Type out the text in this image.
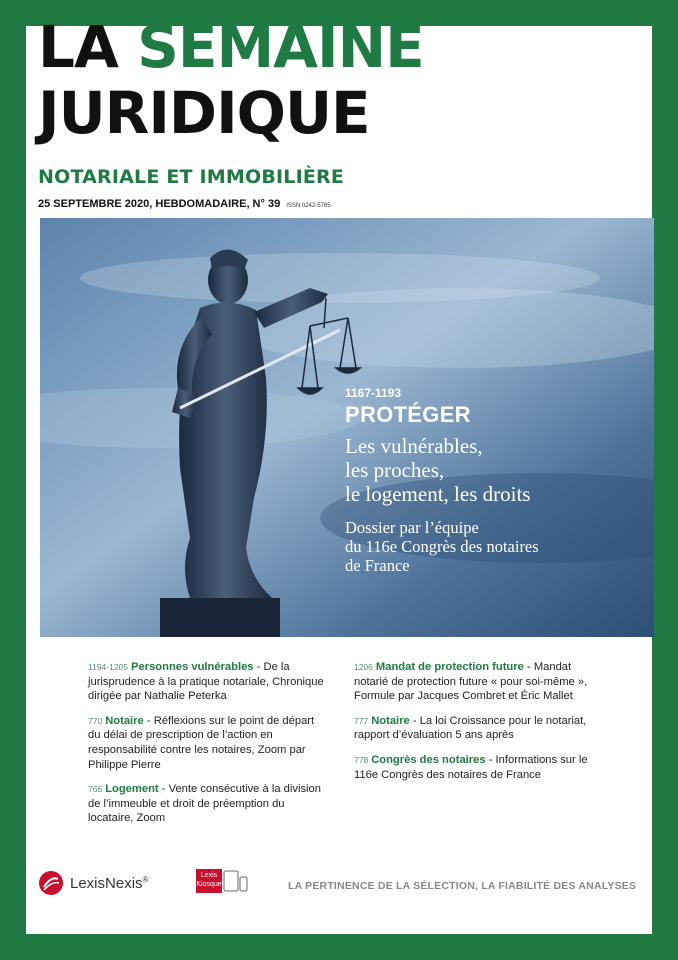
LA SEMAINE
JURIDIQUE
NOTARIALE ET IMMOBILIÈRE
25 SEPTEMBRE 2020, HEBDOMADAIRE, N° 39 ISSN 0242-5785
1167-1193
PROTÉGER
Les vulnérables,
les proches,
le logement, les droits
Dossier par l’équipe
du 116e Congrès des notaires
de France
1194-1205 Personnes vulnérables - De la jurisprudence à la pratique notariale, Chronique dirigée par Nathalie Peterka
770 Notaire - Réflexions sur le point de départ du délai de prescription de l’action en responsabilité contre les notaires, Zoom par Philippe Pierre
766 Logement - Vente consécutive à la division de l’immeuble et droit de préemption du locataire, Zoom
1206 Mandat de protection future - Mandat notarié de protection future « pour soi-même », Formule par Jacques Combret et Éric Mallet
777 Notaire - La loi Croissance pour le notariat, rapport d’évaluation 5 ans après
778 Congrès des notaires - Informations sur le 116e Congrès des notaires de France
LexisNexis®	Lexis
Kiosque	LA PERTINENCE DE LA SÉLECTION, LA FIABILITÉ DES ANALYSES
